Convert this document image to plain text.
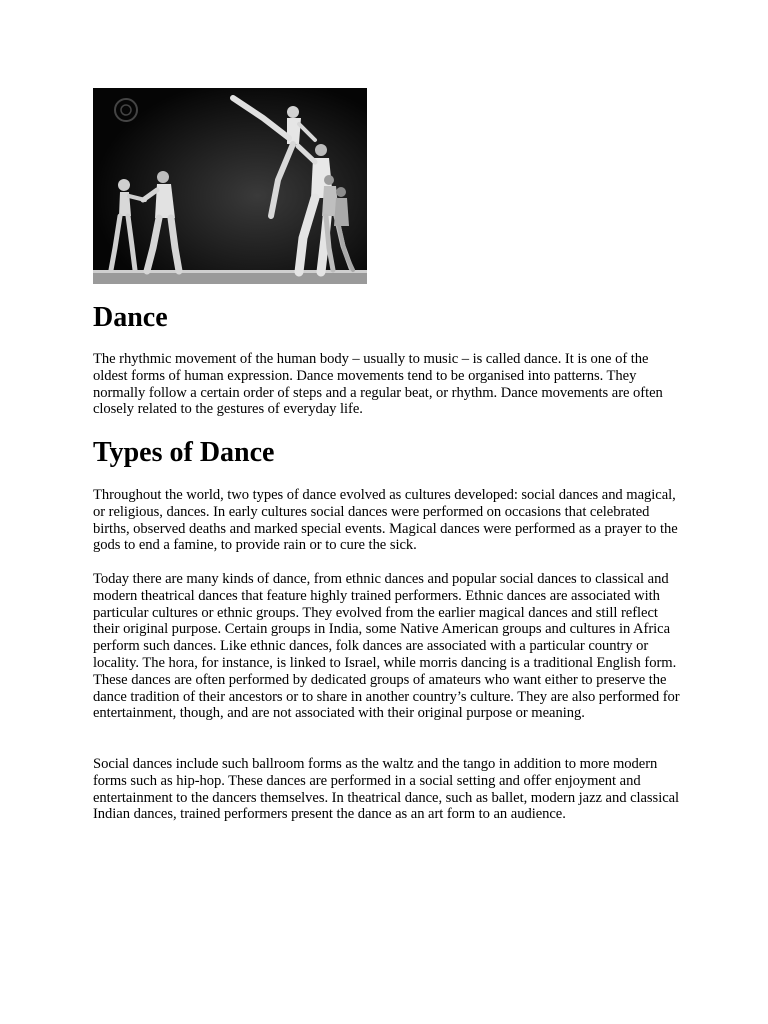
Dance

The rhythmic movement of the human body – usually to music – is called dance. It is one of the oldest forms of human expression. Dance movements tend to be organised into patterns. They normally follow a certain order of steps and a regular beat, or rhythm. Dance movements are often closely related to the gestures of everyday life.

Types of Dance

Throughout the world, two types of dance evolved as cultures developed: social dances and magical, or religious, dances. In early cultures social dances were performed on occasions that celebrated births, observed deaths and marked special events. Magical dances were performed as a prayer to the gods to end a famine, to provide rain or to cure the sick.

Today there are many kinds of dance, from ethnic dances and popular social dances to classical and modern theatrical dances that feature highly trained performers. Ethnic dances are associated with particular cultures or ethnic groups. They evolved from the earlier magical dances and still reflect their original purpose. Certain groups in India, some Native American groups and cultures in Africa perform such dances. Like ethnic dances, folk dances are associated with a particular country or locality. The hora, for instance, is linked to Israel, while morris dancing is a traditional English form. These dances are often performed by dedicated groups of amateurs who want either to preserve the dance tradition of their ancestors or to share in another country’s culture. They are also performed for entertainment, though, and are not associated with their original purpose or meaning.

Social dances include such ballroom forms as the waltz and the tango in addition to more modern forms such as hip-hop. These dances are performed in a social setting and offer enjoyment and entertainment to the dancers themselves. In theatrical dance, such as ballet, modern jazz and classical Indian dances, trained performers present the dance as an art form to an audience.
